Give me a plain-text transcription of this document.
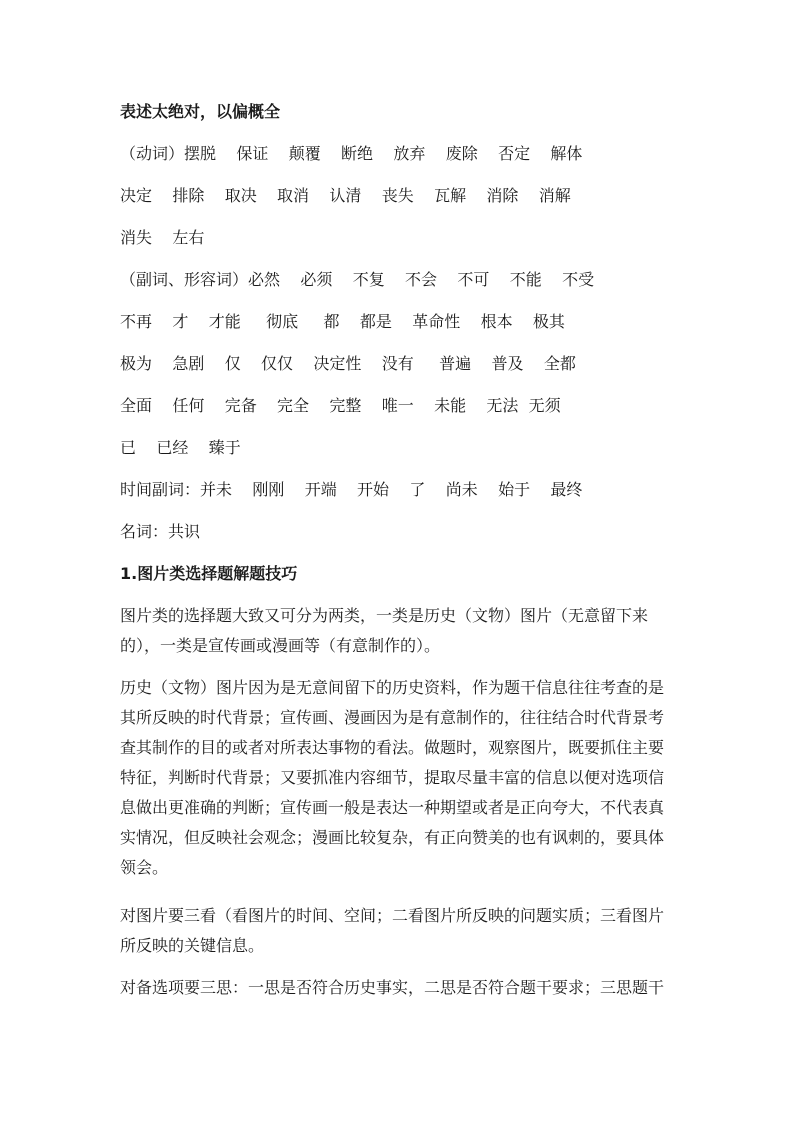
表述太绝对，以偏概全
（动词）摆脱    保证    颠覆    断绝    放弃    废除    否定    解体
决定    排除    取决    取消    认清    丧失    瓦解    消除    消解
消失    左右
（副词、形容词）必然    必须    不复    不会    不可    不能    不受
不再    才    才能     彻底     都    都是    革命性    根本    极其
极为    急剧    仅    仅仅    决定性    没有     普遍    普及    全都
全面    任何    完备    完全    完整    唯一    未能    无法  无须
已    已经    臻于
时间副词：并未    刚刚    开端    开始    了    尚未    始于    最终
名词：共识
1.图片类选择题解题技巧
图片类的选择题大致又可分为两类，一类是历史（文物）图片（无意留下来
的），一类是宣传画或漫画等（有意制作的）。
历史（文物）图片因为是无意间留下的历史资料，作为题干信息往往考查的是
其所反映的时代背景；宣传画、漫画因为是有意制作的，往往结合时代背景考
查其制作的目的或者对所表达事物的看法。做题时，观察图片，既要抓住主要
特征，判断时代背景；又要抓准内容细节，提取尽量丰富的信息以便对选项信
息做出更准确的判断；宣传画一般是表达一种期望或者是正向夸大，不代表真
实情况，但反映社会观念；漫画比较复杂，有正向赞美的也有讽刺的，要具体
领会。
对图片要三看（看图片的时间、空间；二看图片所反映的问题实质；三看图片
所反映的关键信息。
对备选项要三思：一思是否符合历史事实，二思是否符合题干要求；三思题干
